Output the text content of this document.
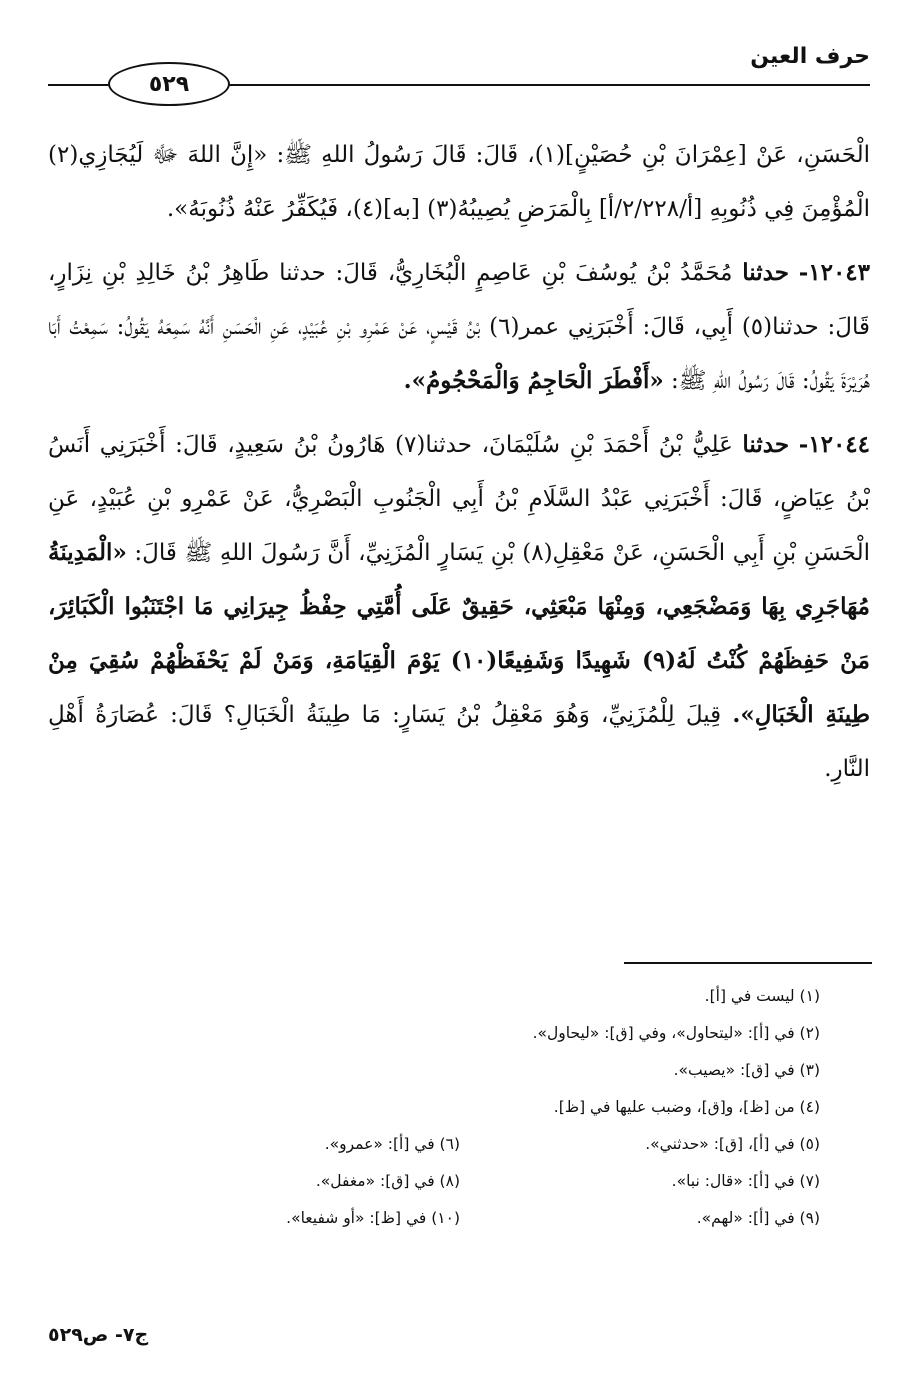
حرف العين
٥٢٩

الْحَسَنِ، عَنْ [عِمْرَانَ بْنِ حُصَيْنٍ](١)، قَالَ: قَالَ رَسُولُ اللهِ ﷺ: «إِنَّ اللهَ ﷻ لَيُجَازِي(٢) الْمُؤْمِنَ فِي ذُنُوبِهِ [أ/٢/٢٢٨/أ] بِالْمَرَضِ يُصِيبُهُ(٣) [به](٤)، فَيُكَفِّرُ عَنْهُ ذُنُوبَهُ».

١٢٠٤٣- حدثنا مُحَمَّدُ بْنُ يُوسُفَ بْنِ عَاصِمٍ الْبُخَارِيُّ، قَالَ: حدثنا طَاهِرُ بْنُ خَالِدِ بْنِ نِزَارٍ، قَالَ: حدثنا(٥) أَبِي، قَالَ: أَخْبَرَنِي عمر(٦) بْنُ قَيْسٍ، عَنْ عَمْرِو بْنِ عُبَيْدٍ، عَنِ الْحَسَنِ أَنَّهُ سَمِعَهُ يَقُولُ: سَمِعْتُ أَبَا هُرَيْرَةَ يَقُولُ: قَالَ رَسُولُ اللهِ ﷺ: «أَفْطَرَ الْحَاجِمُ وَالْمَحْجُومُ».

١٢٠٤٤- حدثنا عَلِيُّ بْنُ أَحْمَدَ بْنِ سُلَيْمَانَ، حدثنا(٧) هَارُونُ بْنُ سَعِيدٍ، قَالَ: أَخْبَرَنِي أَنَسُ بْنُ عِيَاضٍ، قَالَ: أَخْبَرَنِي عَبْدُ السَّلَامِ بْنُ أَبِي الْجَنُوبِ الْبَصْرِيُّ، عَنْ عَمْرِو بْنِ عُبَيْدٍ، عَنِ الْحَسَنِ بْنِ أَبِي الْحَسَنِ، عَنْ مَعْقِلِ(٨) بْنِ يَسَارٍ الْمُزَنِيِّ، أَنَّ رَسُولَ اللهِ ﷺ قَالَ: «الْمَدِينَةُ مُهَاجَرِي بِهَا وَمَضْجَعِي، وَمِنْهَا مَبْعَثِي، حَقِيقٌ عَلَى أُمَّتِي حِفْظُ جِيرَانِي مَا اجْتَنَبُوا الْكَبَائِرَ، مَنْ حَفِظَهُمْ كُنْتُ لَهُ(٩) شَهِيدًا وَشَفِيعًا(١٠) يَوْمَ الْقِيَامَةِ، وَمَنْ لَمْ يَحْفَظْهُمْ سُقِيَ مِنْ طِينَةِ الْخَبَالِ». قِيلَ لِلْمُزَنِيِّ، وَهُوَ مَعْقِلُ بْنُ يَسَارٍ: مَا طِينَةُ الْخَبَالِ؟ قَالَ: عُصَارَةُ أَهْلِ النَّارِ.

(١) ليست في [أ].
(٢) في [أ]: «ليتحاول»، وفي [ق]: «ليحاول».
(٣) في [ق]: «يصيب».
(٤) من [ظ]، و[ق]، وضبب عليها في [ظ].
(٥) في [أ]، [ق]: «حدثني».(٦) في [أ]: «عمرو».
(٧) في [أ]: «قال: نبا».(٨) في [ق]: «مغفل».
(٩) في [أ]: «لهم».(١٠) في [ظ]: «أو شفيعا».
ج٧- ص٥٢٩
